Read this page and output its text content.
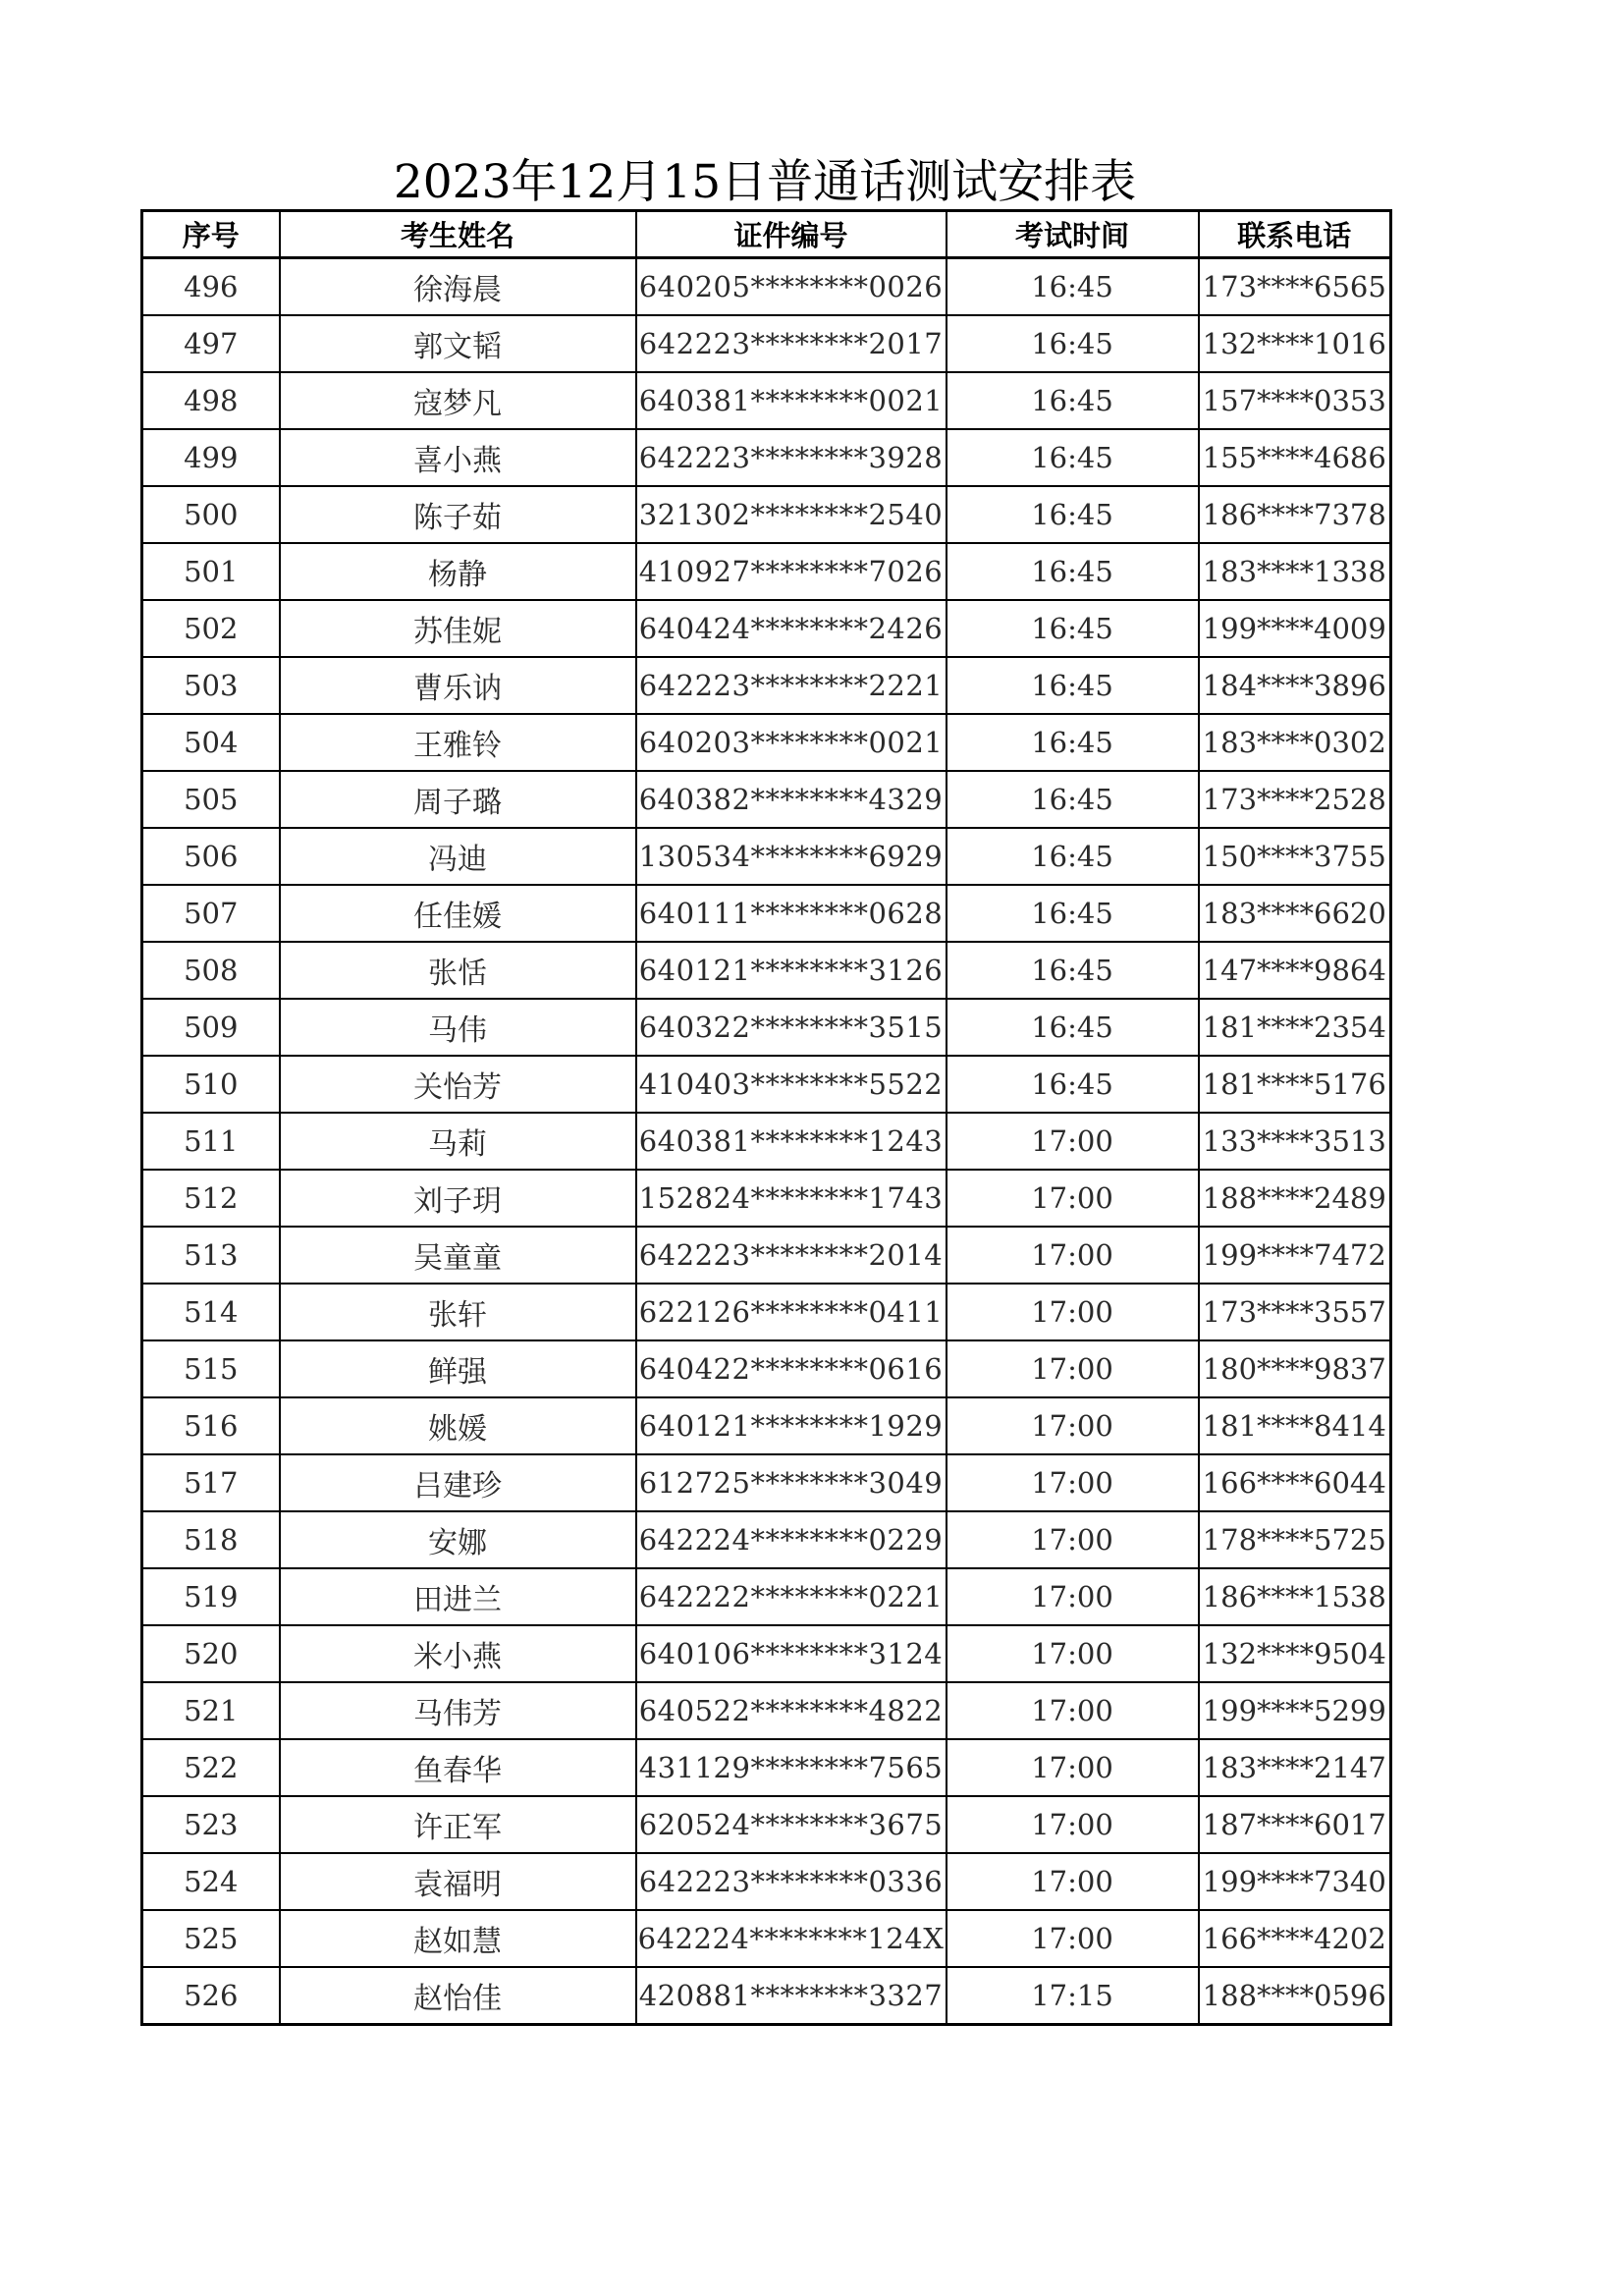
2023年12月15日普通话测试安排表
序号	考生姓名	证件编号	考试时间	联系电话
496	徐海晨	640205********0026	16:45	173****6565
497	郭文韬	642223********2017	16:45	132****1016
498	寇梦凡	640381********0021	16:45	157****0353
499	喜小燕	642223********3928	16:45	155****4686
500	陈子茹	321302********2540	16:45	186****7378
501	杨静	410927********7026	16:45	183****1338
502	苏佳妮	640424********2426	16:45	199****4009
503	曹乐讷	642223********2221	16:45	184****3896
504	王雅铃	640203********0021	16:45	183****0302
505	周子璐	640382********4329	16:45	173****2528
506	冯迪	130534********6929	16:45	150****3755
507	任佳媛	640111********0628	16:45	183****6620
508	张恬	640121********3126	16:45	147****9864
509	马伟	640322********3515	16:45	181****2354
510	关怡芳	410403********5522	16:45	181****5176
511	马莉	640381********1243	17:00	133****3513
512	刘子玥	152824********1743	17:00	188****2489
513	吴童童	642223********2014	17:00	199****7472
514	张轩	622126********0411	17:00	173****3557
515	鲜强	640422********0616	17:00	180****9837
516	姚媛	640121********1929	17:00	181****8414
517	吕建珍	612725********3049	17:00	166****6044
518	安娜	642224********0229	17:00	178****5725
519	田进兰	642222********0221	17:00	186****1538
520	米小燕	640106********3124	17:00	132****9504
521	马伟芳	640522********4822	17:00	199****5299
522	鱼春华	431129********7565	17:00	183****2147
523	许正军	620524********3675	17:00	187****6017
524	袁福明	642223********0336	17:00	199****7340
525	赵如慧	642224********124X	17:00	166****4202
526	赵怡佳	420881********3327	17:15	188****0596
